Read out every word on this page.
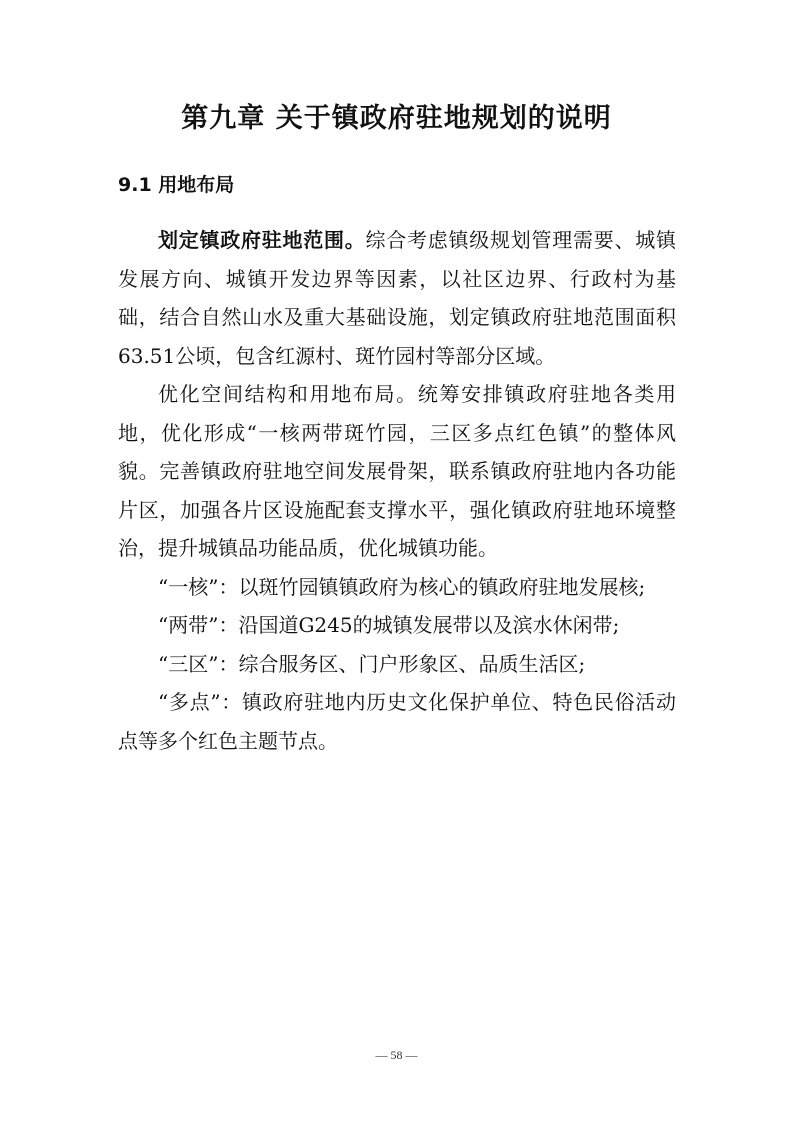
第九章 关于镇政府驻地规划的说明
9.1 用地布局

划定镇政府驻地范围。综合考虑镇级规划管理需要、城镇发展方向、城镇开发边界等因素，以社区边界、行政村为基础，结合自然山水及重大基础设施，划定镇政府驻地范围面积63.51公顷，包含红源村、斑竹园村等部分区域。

优化空间结构和用地布局。统筹安排镇政府驻地各类用地，优化形成“一核两带斑竹园，三区多点红色镇”的整体风貌。完善镇政府驻地空间发展骨架，联系镇政府驻地内各功能片区，加强各片区设施配套支撑水平，强化镇政府驻地环境整治，提升城镇品功能品质，优化城镇功能。

“一核”：以斑竹园镇镇政府为核心的镇政府驻地发展核;

“两带”：沿国道G245的城镇发展带以及滨水休闲带;

“三区”：综合服务区、门户形象区、品质生活区;

“多点”：镇政府驻地内历史文化保护单位、特色民俗活动点等多个红色主题节点。

— 58 —
